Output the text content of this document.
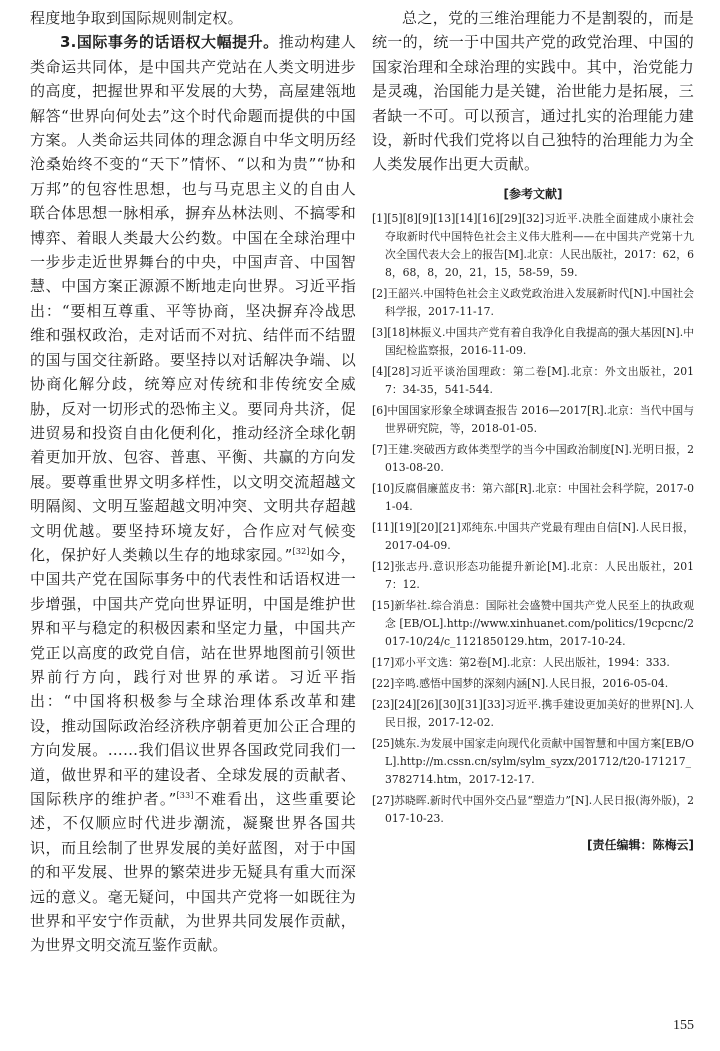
程度地争取到国际规则制定权。

3.国际事务的话语权大幅提升。推动构建人类命运共同体，是中国共产党站在人类文明进步的高度，把握世界和平发展的大势，高屋建瓴地解答“世界向何处去”这个时代命题而提供的中国方案。人类命运共同体的理念源自中华文明历经沧桑始终不变的“天下”情怀、“以和为贵”“协和万邦”的包容性思想，也与马克思主义的自由人联合体思想一脉相承，摒弃丛林法则、不搞零和博弈、着眼人类最大公约数。中国在全球治理中一步步走近世界舞台的中央，中国声音、中国智慧、中国方案正源源不断地走向世界。习近平指出：“要相互尊重、平等协商，坚决摒弃冷战思维和强权政治，走对话而不对抗、结伴而不结盟的国与国交往新路。要坚持以对话解决争端、以协商化解分歧，统筹应对传统和非传统安全威胁，反对一切形式的恐怖主义。要同舟共济，促进贸易和投资自由化便利化，推动经济全球化朝着更加开放、包容、普惠、平衡、共赢的方向发展。要尊重世界文明多样性，以文明交流超越文明隔阂、文明互鉴超越文明冲突、文明共存超越文明优越。要坚持环境友好，合作应对气候变化，保护好人类赖以生存的地球家园。”[32]如今，中国共产党在国际事务中的代表性和话语权进一步增强，中国共产党向世界证明，中国是维护世界和平与稳定的积极因素和坚定力量，中国共产党正以高度的政党自信，站在世界地图前引领世界前行方向，践行对世界的承诺。习近平指出：“中国将积极参与全球治理体系改革和建设，推动国际政治经济秩序朝着更加公正合理的方向发展。……我们倡议世界各国政党同我们一道，做世界和平的建设者、全球发展的贡献者、国际秩序的维护者。”[33]不难看出，这些重要论述，不仅顺应时代进步潮流，凝聚世界各国共识，而且绘制了世界发展的美好蓝图，对于中国的和平发展、世界的繁荣进步无疑具有重大而深远的意义。毫无疑问，中国共产党将一如既往为世界和平安宁作贡献，为世界共同发展作贡献，为世界文明交流互鉴作贡献。

总之，党的三维治理能力不是割裂的，而是统一的，统一于中国共产党的政党治理、中国的国家治理和全球治理的实践中。其中，治党能力是灵魂，治国能力是关键，治世能力是拓展，三者缺一不可。可以预言，通过扎实的治理能力建设，新时代我们党将以自己独特的治理能力为全人类发展作出更大贡献。

[参考文献]

[1][5][8][9][13][14][16][29][32]习近平.决胜全面建成小康社会 夺取新时代中国特色社会主义伟大胜利——在中国共产党第十九次全国代表大会上的报告[M].北京：人民出版社，2017：62，68，68，8，20，21，15，58-59，59.

[2]王韶兴.中国特色社会主义政党政治进入发展新时代[N].中国社会科学报，2017-11-17.

[3][18]林振义.中国共产党有着自我净化自我提高的强大基因[N].中国纪检监察报，2016-11-09.

[4][28]习近平谈治国理政：第二卷[M].北京：外文出版社，2017：34-35，541-544.

[6]中国国家形象全球调查报告 2016—2017[R].北京：当代中国与世界研究院，等，2018-01-05.

[7]王建.突破西方政体类型学的当今中国政治制度[N].光明日报，2013-08-20.

[10]反腐倡廉蓝皮书：第六部[R].北京：中国社会科学院，2017-01-04.

[11][19][20][21]邓纯东.中国共产党最有理由自信[N].人民日报，2017-04-09.

[12]张志丹.意识形态功能提升新论[M].北京：人民出版社，2017：12.

[15]新华社.综合消息：国际社会盛赞中国共产党人民至上的执政观念[EB/OL].http://www.xinhuanet.com/politics/19cpcnc/2017-10/24/c_1121850129.htm，2017-10-24.

[17]邓小平文选：第2卷[M].北京：人民出版社，1994：333.

[22]辛鸣.感悟中国梦的深刻内涵[N].人民日报，2016-05-04.

[23][24][26][30][31][33]习近平.携手建设更加美好的世界[N].人民日报，2017-12-02.

[25]姚东.为发展中国家走向现代化贡献中国智慧和中国方案[EB/OL].http://m.cssn.cn/sylm/sylm_syzx/201712/t20-171217_3782714.htm，2017-12-17.

[27]苏晓晖.新时代中国外交凸显“塑造力”[N].人民日报(海外版)，2017-10-23.

[责任编辑：陈梅云]
155
